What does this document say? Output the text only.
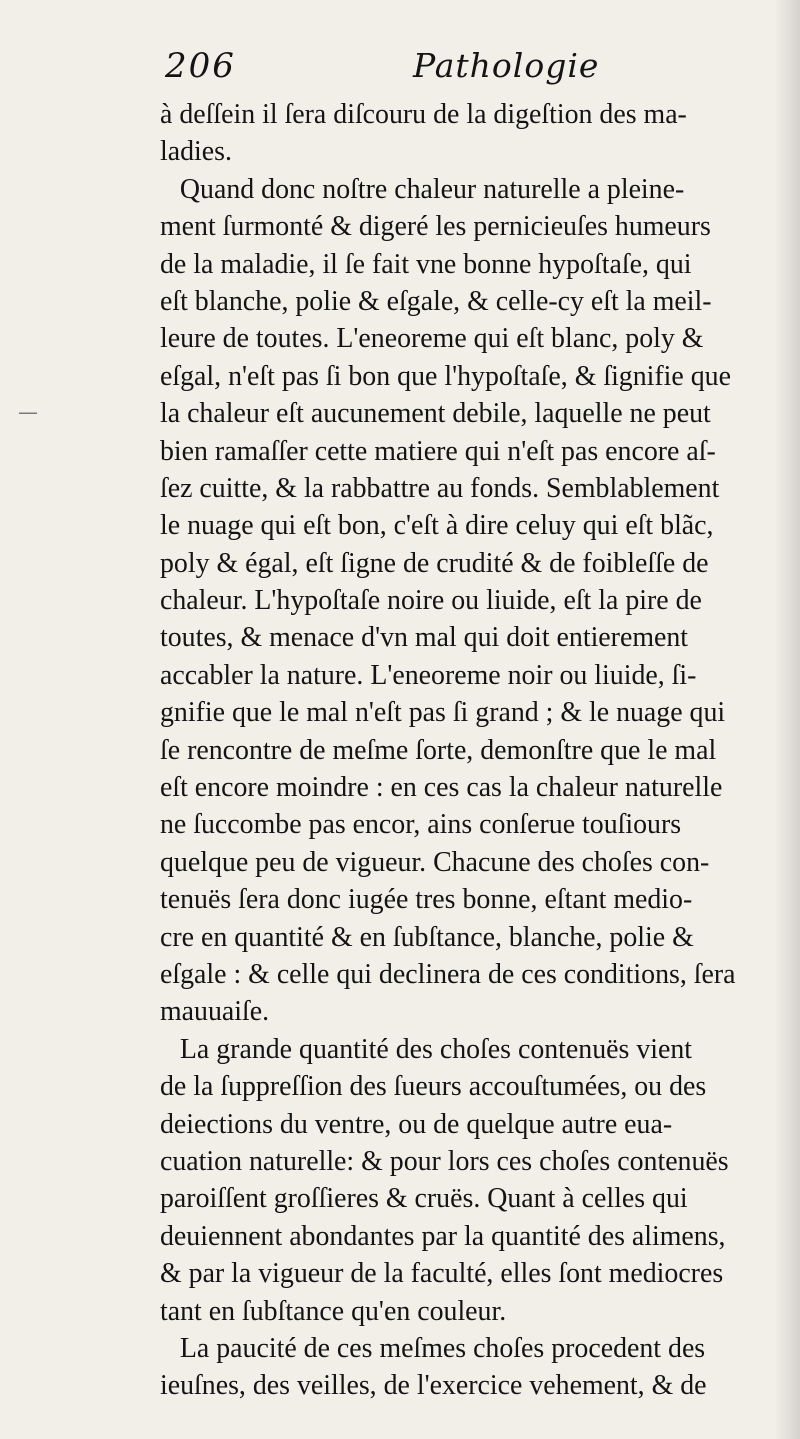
206	Pathologie
—
à deſſein il ſera diſcouru de la digeſtion des ma-
ladies.
Quand donc noſtre chaleur naturelle a pleine-
ment ſurmonté & digeré les pernicieuſes humeurs
de la maladie, il ſe fait vne bonne hypoſtaſe, qui
eſt blanche, polie & eſgale, & celle-cy eſt la meil-
leure de toutes. L'eneoreme qui eſt blanc, poly &
eſgal, n'eſt pas ſi bon que l'hypoſtaſe, & ſignifie que
la chaleur eſt aucunement debile, laquelle ne peut
bien ramaſſer cette matiere qui n'eſt pas encore aſ-
ſez cuitte, & la rabbattre au fonds. Semblablement
le nuage qui eſt bon, c'eſt à dire celuy qui eſt blãc,
poly & égal, eſt ſigne de crudité & de foibleſſe de
chaleur. L'hypoſtaſe noire ou liuide, eſt la pire de
toutes, & menace d'vn mal qui doit entierement
accabler la nature. L'eneoreme noir ou liuide, ſi-
gnifie que le mal n'eſt pas ſi grand ; & le nuage qui
ſe rencontre de meſme ſorte, demonſtre que le mal
eſt encore moindre : en ces cas la chaleur naturelle
ne ſuccombe pas encor, ains conſerue touſiours
quelque peu de vigueur. Chacune des choſes con-
tenuës ſera donc iugée tres bonne, eſtant medio-
cre en quantité & en ſubſtance, blanche, polie &
eſgale : & celle qui declinera de ces conditions, ſera
mauuaiſe.
La grande quantité des choſes contenuës vient
de la ſuppreſſion des ſueurs accouſtumées, ou des
deiections du ventre, ou de quelque autre eua-
cuation naturelle: & pour lors ces choſes contenuës
paroiſſent groſſieres & cruës. Quant à celles qui
deuiennent abondantes par la quantité des alimens,
& par la vigueur de la faculté, elles ſont mediocres
tant en ſubſtance qu'en couleur.
La paucité de ces meſmes choſes procedent des
ieuſnes, des veilles, de l'exercice vehement, & de
